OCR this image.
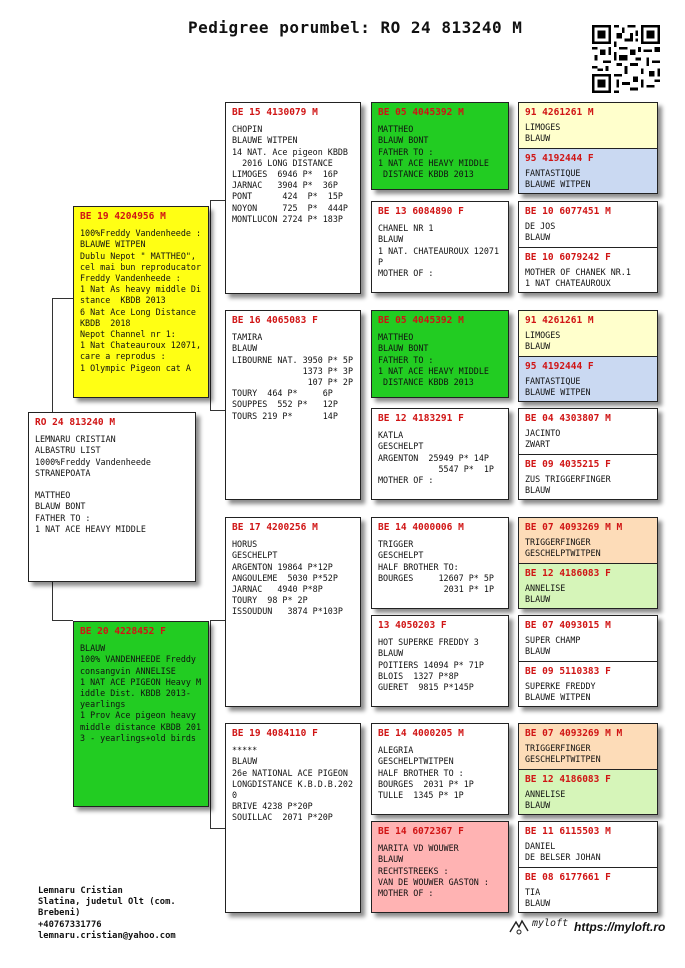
Pedigree porumbel: RO 24 813240 M
RO 24 813240 M
LEMNARU CRISTIAN
ALBASTRU LIST
1000%Freddy Vandenheede
STRANEPOATA

MATTHEO
BLAUW BONT
FATHER TO :
1 NAT ACE HEAVY MIDDLE
BE 19 4204956 M
100%Freddy Vandenheede :
BLAUWE WITPEN
Dublu Nepot " MATTHEO",
cel mai bun reproducator
Freddy Vandenheede :
1 Nat As heavy middle Di
stance  KBDB 2013
6 Nat Ace Long Distance
KBDB  2018
Nepot Channel nr 1:
1 Nat Chateauroux 12071,
care a reprodus :
1 Olympic Pigeon cat A
BE 20 4228452 F
BLAUW
100% VANDENHEEDE Freddy
consangvin ANNELISE
1 NAT ACE PIGEON Heavy M
iddle Dist. KBDB 2013-
yearlings
1 Prov Ace pigeon heavy
middle distance KBDB 201
3 - yearlings+old birds
BE 15 4130079 M
CHOPIN
BLAUWE WITPEN
14 NAT. Ace pigeon KBDB
2016 LONG DISTANCE
LIMOGES  6946 P*  16P
JARNAC   3904 P*  36P
PONT      424  P*  15P
NOYON     725  P*  444P
MONTLUCON 2724 P* 183P
BE 16 4065083 F
TAMIRA
BLAUW
LIBOURNE NAT. 3950 P* 5P
1373 P* 3P
107 P* 2P
TOURY  464 P*     6P
SOUPPES  552 P*   12P
TOURS 219 P*      14P
BE 17 4200256 M
HORUS
GESCHELPT
ARGENTON 19864 P*12P
ANGOULEME  5030 P*52P
JARNAC   4940 P*8P
TOURY  98 P* 2P
ISSOUDUN   3874 P*103P
BE 19 4084110 F
*****
BLAUW
26e NATIONAL ACE PIGEON
LONGDISTANCE K.B.D.B.202
0
BRIVE 4238 P*20P
SOUILLAC  2071 P*20P
BE 05 4045392 M
MATTHEO
BLAUW BONT
FATHER TO :
1 NAT ACE HEAVY MIDDLE
DISTANCE KBDB 2013
BE 13 6084890 F
CHANEL NR 1
BLAUW
1 NAT. CHATEAUROUX 12071
P
MOTHER OF :
BE 05 4045392 M
MATTHEO
BLAUW BONT
FATHER TO :
1 NAT ACE HEAVY MIDDLE
DISTANCE KBDB 2013
BE 12 4183291 F
KATLA
GESCHELPT
ARGENTON  25949 P* 14P
5547 P*  1P
MOTHER OF :
BE 14 4000006 M
TRIGGER
GESCHELPT
HALF BROTHER TO:
BOURGES     12607 P* 5P
2031 P* 1P
13 4050203 F
HOT SUPERKE FREDDY 3
BLAUW
POITIERS 14094 P* 71P
BLOIS  1327 P*8P
GUERET  9815 P*145P
BE 14 4000205 M
ALEGRIA
GESCHELPTWITPEN
HALF BROTHER TO :
BOURGES  2031 P* 1P
TULLE  1345 P* 1P
BE 14 6072367 F
MARITA VD WOUWER
BLAUW
RECHTSTREEKS :
VAN DE WOUWER GASTON :
MOTHER OF :
91 4261261 M
LIMOGES
BLAUW
95 4192444 F
FANTASTIQUE
BLAUWE WITPEN
BE 10 6077451 M
DE JOS
BLAUW
BE 10 6079242 F
MOTHER OF CHANEK NR.1
1 NAT CHATEAUROUX
91 4261261 M
LIMOGES
BLAUW
95 4192444 F
FANTASTIQUE
BLAUWE WITPEN
BE 04 4303807 M
JACINTO
ZWART
BE 09 4035215 F
ZUS TRIGGERFINGER
BLAUW
BE 07 4093269 M M
TRIGGERFINGER
GESCHELPTWITPEN
BE 12 4186083 F
ANNELISE
BLAUW
BE 07 4093015 M
SUPER CHAMP
BLAUW
BE 09 5110383 F
SUPERKE FREDDY
BLAUWE WITPEN
BE 07 4093269 M M
TRIGGERFINGER
GESCHELPTWITPEN
BE 12 4186083 F
ANNELISE
BLAUW
BE 11 6115503 M
DANIEL
DE BELSER JOHAN
BE 08 6177661 F
TIA
BLAUW
Lemnaru Cristian
Slatina, judetul Olt (com.
Brebeni)
+40767331776
lemnaru.cristian@yahoo.com
myloft https://myloft.ro
